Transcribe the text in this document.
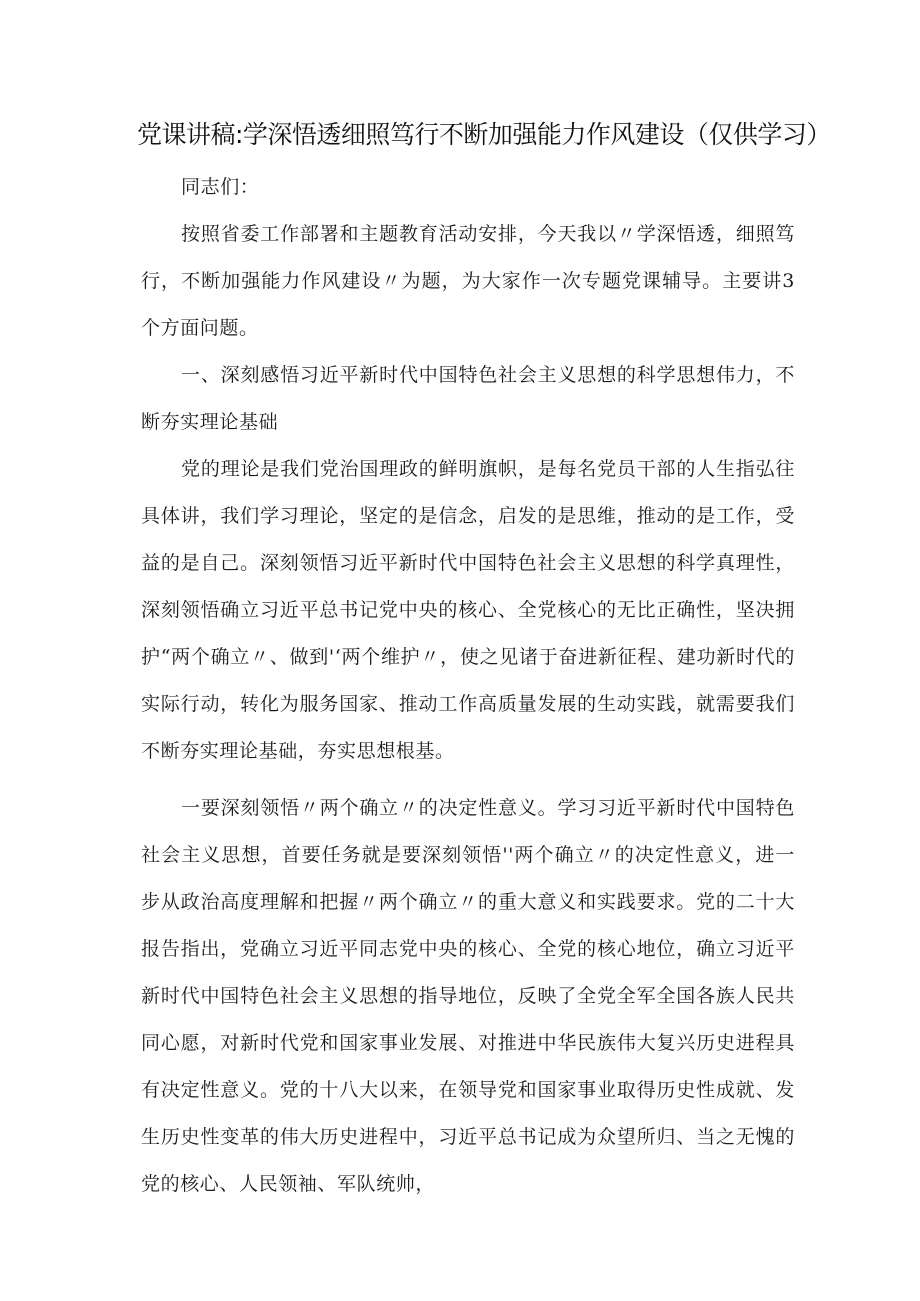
党课讲稿:学深悟透细照笃行不断加强能力作风建设（仅供学习）

同志们：

按照省委工作部署和主题教育活动安排，今天我以〃学深悟透，细照笃行，不断加强能力作风建设〃为题，为大家作一次专题党课辅导。主要讲3个方面问题。

一、深刻感悟习近平新时代中国特色社会主义思想的科学思想伟力，不断夯实理论基础

党的理论是我们党治国理政的鲜明旗帜，是每名党员干部的人生指弘往具体讲，我们学习理论，坚定的是信念，启发的是思维，推动的是工作，受益的是自己。深刻领悟习近平新时代中国特色社会主义思想的科学真理性，深刻领悟确立习近平总书记党中央的核心、全党核心的无比正确性，坚决拥护“两个确立〃、做到'‘两个维护〃，使之见诸于奋进新征程、建功新时代的实际行动，转化为服务国家、推动工作高质量发展的生动实践，就需要我们不断夯实理论基础，夯实思想根基。

一要深刻领悟〃两个确立〃的决定性意义。学习习近平新时代中国特色社会主义思想，首要任务就是要深刻领悟''两个确立〃的决定性意义，进一步从政治高度理解和把握〃两个确立〃的重大意义和实践要求。党的二十大报告指出，党确立习近平同志党中央的核心、全党的核心地位，确立习近平新时代中国特色社会主义思想的指导地位，反映了全党全军全国各族人民共同心愿，对新时代党和国家事业发展、对推进中华民族伟大复兴历史进程具有决定性意义。党的十八大以来，在领导党和国家事业取得历史性成就、发生历史性变革的伟大历史进程中，习近平总书记成为众望所归、当之无愧的党的核心、人民领袖、军队统帅，
